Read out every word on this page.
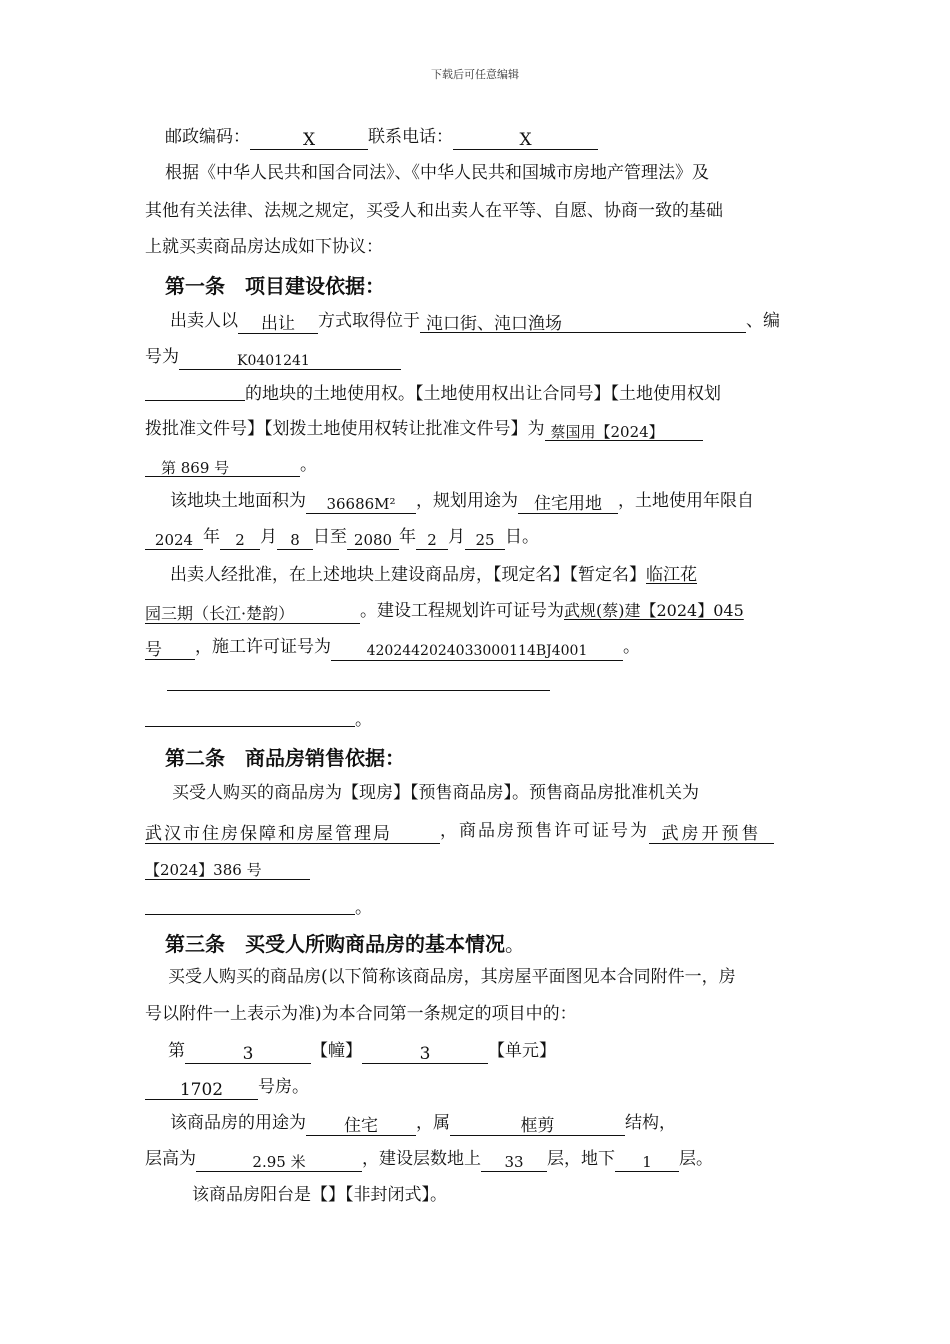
下载后可任意编辑
邮政编码：	X	联系电话：	X
根据《中华人民共和国合同法》、《中华人民共和国城市房地产管理法》及
其他有关法律、法规之规定，买受人和出卖人在平等、自愿、协商一致的基础
上就买卖商品房达成如下协议：
第一条 项目建设依据：
出卖人以 出让 方式取得位于 沌口街、沌口渔场	、编
号为	K0401241
的地块的土地使用权。【土地使用权出让合同号】【土地使用权划
拨批准文件号】【划拨土地使用权转让批准文件号】为 蔡国用【2024】
第 869 号	。
该地块土地面积为 36686M² ，规划用途为 住宅用地 ，土地使用年限自
2024 年 2 月 8 日至 2080 年 2 月 25 日。
出卖人经批准，在上述地块上建设商品房，【现定名】【暂定名】临江花
园三期（长江·楚韵）	。建设工程规划许可证号为武规(蔡)建【2024】045
号 ，施工许可证号为	420244202403300011​4BJ4001 。
。
第二条 商品房销售依据：
买受人购买的商品房为【现房】【预售商品房】。预售商品房批准机关为
武汉市住房保障和房屋管理局	，商品房预售许可证号为 武房开预售
【2024】386 号
。
第三条 买受人所购商品房的基本情况。
买受人购买的商品房(以下简称该商品房，其房屋平面图见本合同附件一，房
号以附件一上表示为准)为本合同第一条规定的项目中的：
第	3	【幢】	3	【单元】
1702 号房。
该商品房的用途为 住宅 ，属	框剪	结构，
层高为	2.95 米	，建设层数地上 33 层，地下 1 层。
该商品房阳台是【】【非封闭式】。
